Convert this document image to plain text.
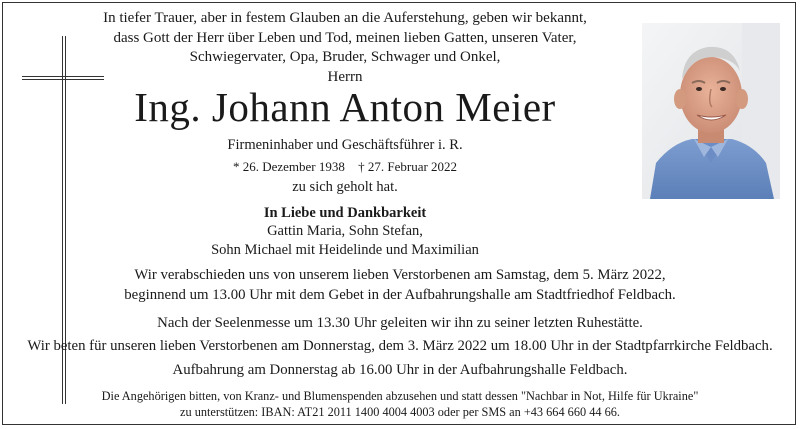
In tiefer Trauer, aber in festem Glauben an die Auferstehung, geben wir bekannt,
dass Gott der Herr über Leben und Tod, meinen lieben Gatten, unseren Vater,
Schwiegervater, Opa, Bruder, Schwager und Onkel,
Herrn
Ing. Johann Anton Meier
Firmeninhaber und Geschäftsführer i. R.
* 26. Dezember 1938 † 27. Februar 2022
zu sich geholt hat.
In Liebe und Dankbarkeit
Gattin Maria, Sohn Stefan,
Sohn Michael mit Heidelinde und Maximilian
Wir verabschieden uns von unserem lieben Verstorbenen am Samstag, dem 5. März 2022,
beginnend um 13.00 Uhr mit dem Gebet in der Aufbahrungshalle am Stadtfriedhof Feldbach.
Nach der Seelenmesse um 13.30 Uhr geleiten wir ihn zu seiner letzten Ruhestätte.
Wir beten für unseren lieben Verstorbenen am Donnerstag, dem 3. März 2022 um 18.00 Uhr in der Stadtpfarrkirche Feldbach.
Aufbahrung am Donnerstag ab 16.00 Uhr in der Aufbahrungshalle Feldbach.
Die Angehörigen bitten, von Kranz- und Blumenspenden abzusehen und statt dessen "Nachbar in Not, Hilfe für Ukraine"
zu unterstützen: IBAN: AT21 2011 1400 4004 4003 oder per SMS an +43 664 660 44 66.
